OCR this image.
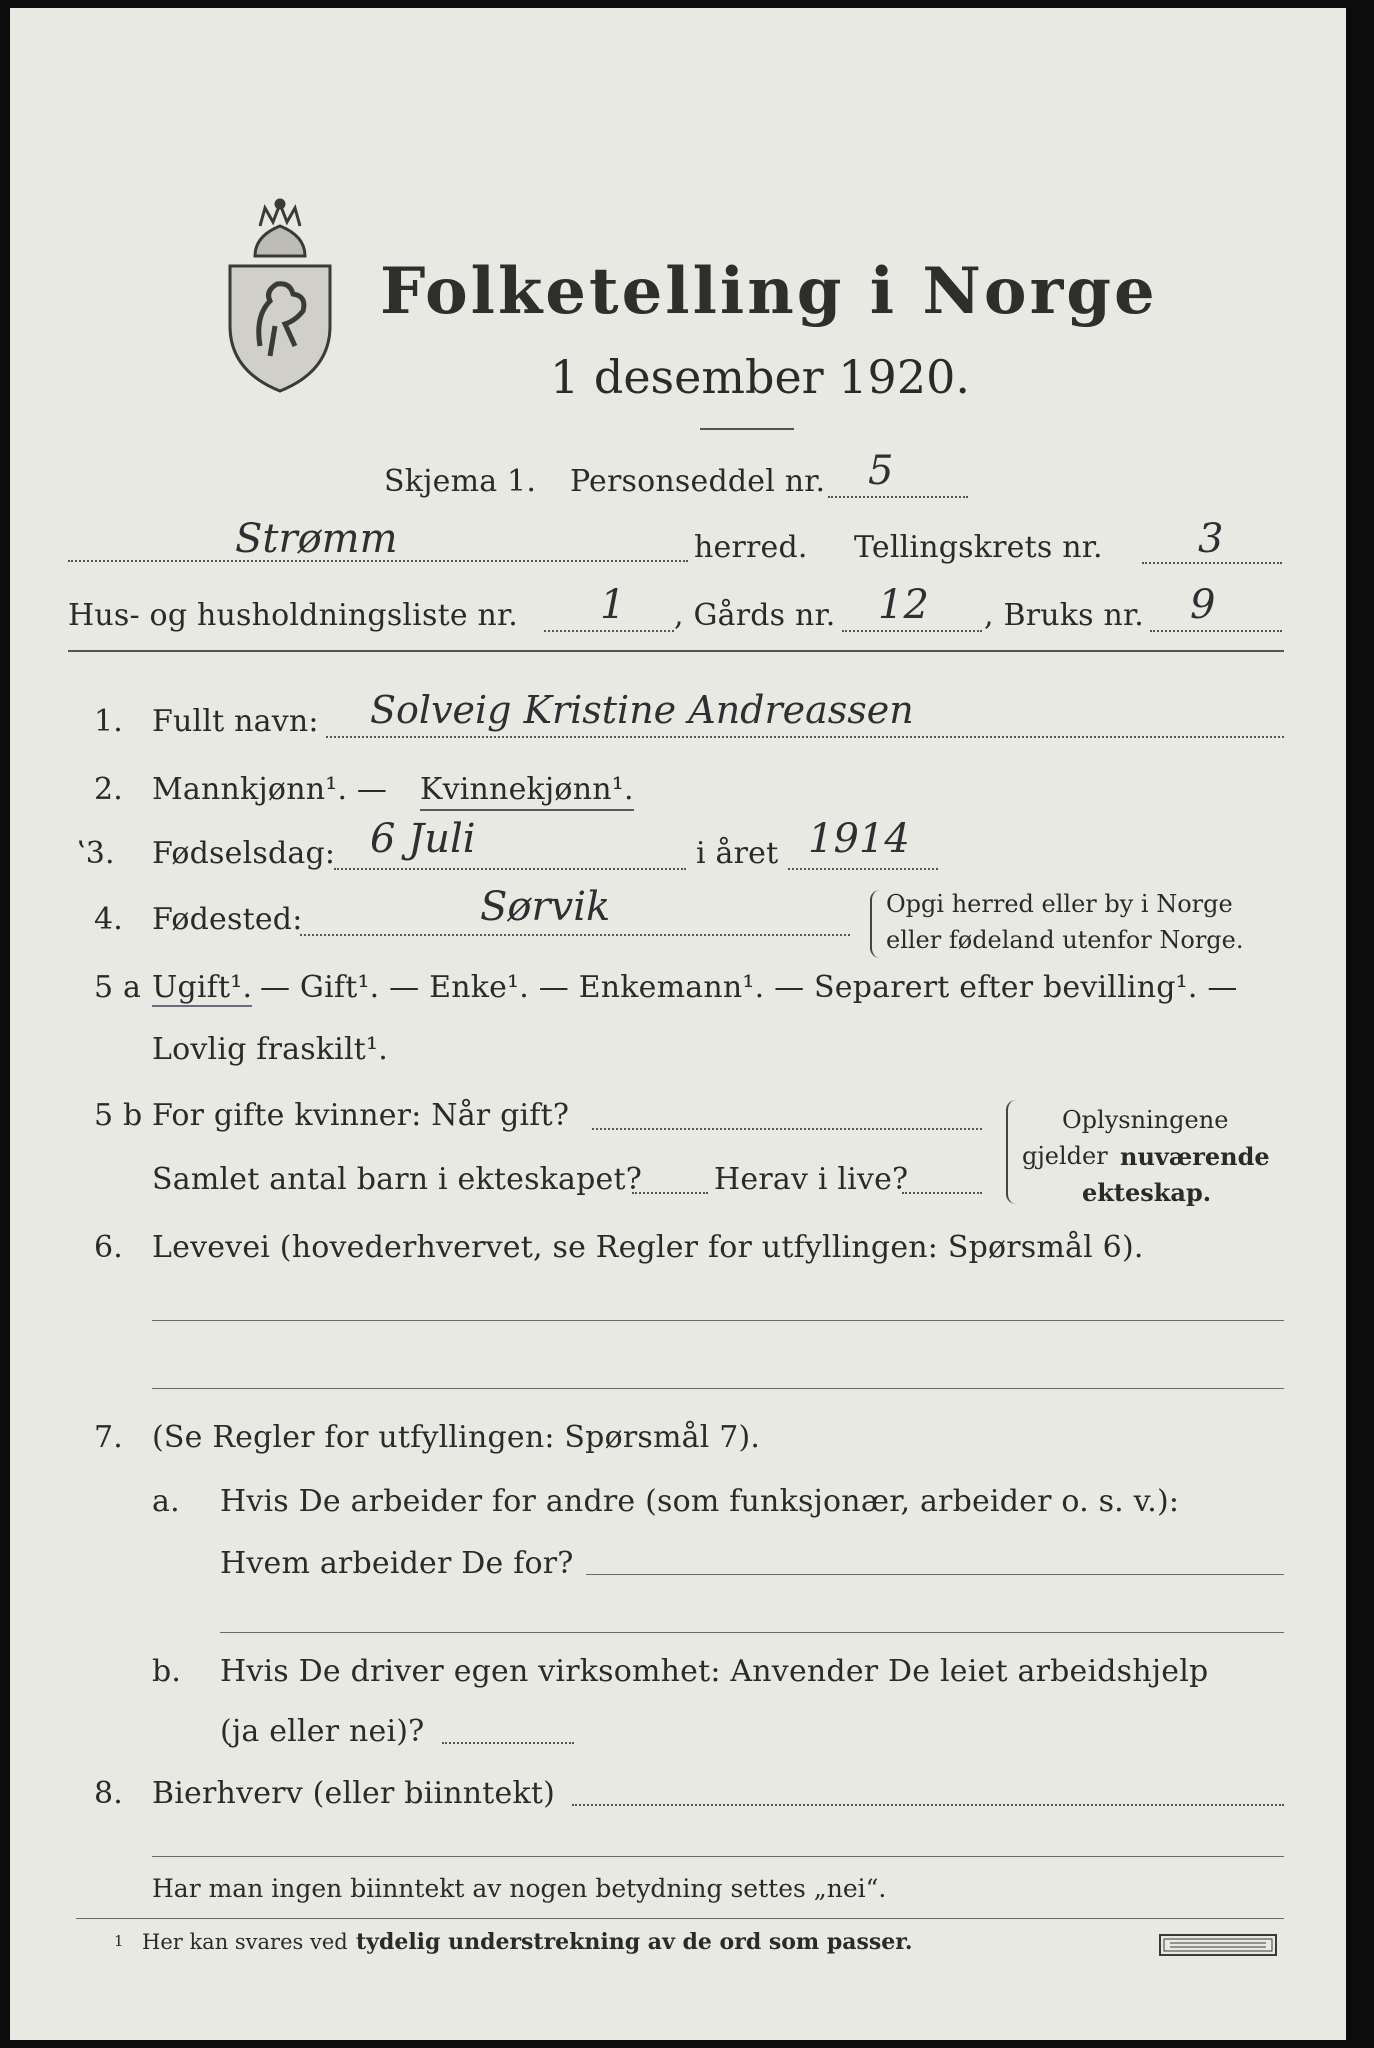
Folketelling i Norge
1 desember 1920.
Skjema 1. Personseddel nr. 5
Strømm	herred. Tellingskrets nr. 3
Hus- og husholdningsliste nr. 1 , Gårds nr. 12 , Bruks nr. 9
1. Fullt navn: Solveig Kristine Andreassen
2. Mannkjønn¹. — Kvinnekjønn¹.
ʽ3. Fødselsdag: 6 Juli	i året 1914
4. Fødested:	Sørvik	Opgi herred eller by i Norge
eller fødeland utenfor Norge.
5 a Ugift¹. — Gift¹. — Enke¹. — Enkemann¹. — Separert efter bevilling¹. —
Lovlig fraskilt¹.
5 b For gifte kvinner: Når gift?
Samlet antal barn i ekteskapet? Herav i live?
Oplysningene
gjelder nuværende
ekteskap.
6. Levevei (hovederhvervet, se Regler for utfyllingen: Spørsmål 6).
7. (Se Regler for utfyllingen: Spørsmål 7).
a. Hvis De arbeider for andre (som funksjonær, arbeider o. s. v.):
Hvem arbeider De for?
b. Hvis De driver egen virksomhet: Anvender De leiet arbeidshjelp
(ja eller nei)?
8. Bierhverv (eller biinntekt)
Har man ingen biinntekt av nogen betydning settes „nei“.
1 Her kan svares ved tydelig understrekning av de ord som passer.
